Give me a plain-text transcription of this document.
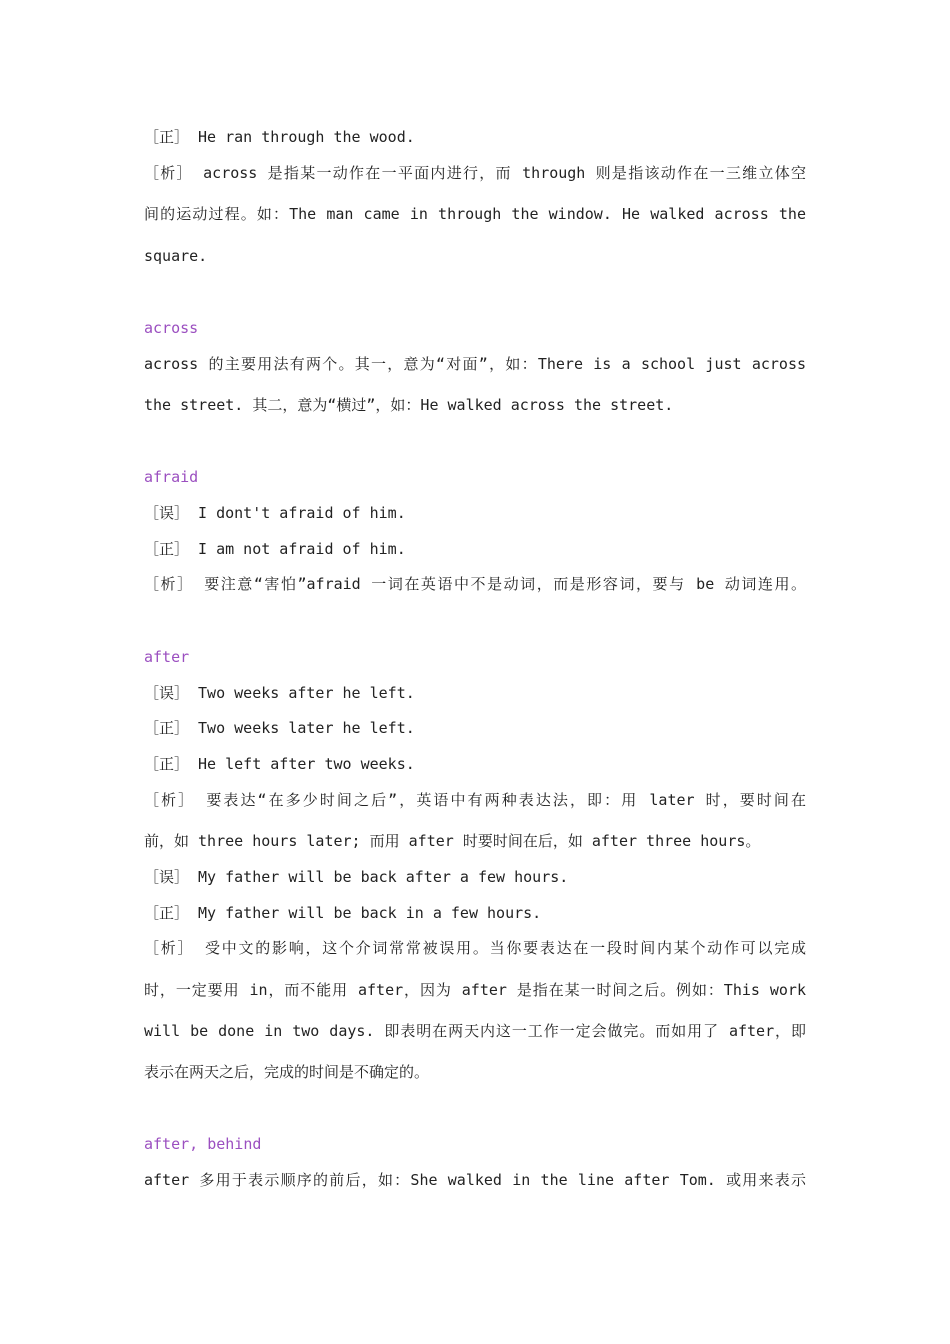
［正］ He ran through the wood.
［析］ across 是指某一动作在一平面内进行，而 through 则是指该动作在一三维立体空
间的运动过程。如：The man came in through the window. He walked across the
square.
across
across 的主要用法有两个。其一，意为“对面”，如：There is a school just across
the street. 其二，意为“横过”，如：He walked across the street.
afraid
［误］ I dont't afraid of him.
［正］ I am not afraid of him.
［析］ 要注意“害怕”afraid 一词在英语中不是动词，而是形容词，要与 be 动词连用。
after
［误］ Two weeks after he left.
［正］ Two weeks later he left.
［正］ He left after two weeks.
［析］ 要表达“在多少时间之后”，英语中有两种表达法，即：用 later 时，要时间在
前，如 three hours later; 而用 after 时要时间在后，如 after three hours。
［误］ My father will be back after a few hours.
［正］ My father will be back in a few hours.
［析］ 受中文的影响，这个介词常常被误用。当你要表达在一段时间内某个动作可以完成
时，一定要用 in，而不能用 after，因为 after 是指在某一时间之后。例如：This work
will be done in two days. 即表明在两天内这一工作一定会做完。而如用了 after，即
表示在两天之后，完成的时间是不确定的。
after, behind
after 多用于表示顺序的前后，如：She walked in the line after Tom. 或用来表示
